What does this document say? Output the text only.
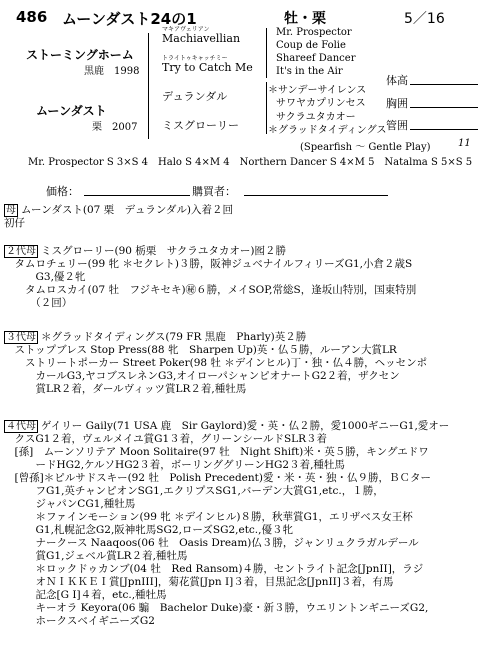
486 ムーンダスト24の1	牡・栗	5／16
ストーミングホーム
黒鹿　1998
ムーンダスト
栗　2007
マキアヴェリアン
Machiavellian
トライトゥキャッチミー
Try to Catch Me
デュランダル
ミスグローリー
Mr. Prospector
Coup de Folie
Shareef Dancer
It's in the Air
＊サンデーサイレンス
サワヤカプリンセス
サクラユタカオー
＊グラッドタイディングス
体高
胸囲
管囲
(Spearfish ～ Gentle Play)	11
Mr. Prospector S 3×S 4　Halo S 4×M 4　Northern Dancer S 4×M 5　Natalma S 5×S 5
価格：	購買者：

母 ムーンダスト(07 栗　デュランダル)入着２回

初仔

２代母 ミスグローリー(90 栃栗　サクラユタカオー)囮２勝

　タムロチェリー(99 牝 ＊セクレト)３勝，阪神ジュベナイルフィリーズG1,小倉２歳S

　　　G3,優２牝

　　タムロスカイ(07 牡　フジキセキ)㊙６勝，メイSOP,常総S，逢坂山特別，国東特別

　　　（２回）

３代母 ＊グラッドタイディングス(79 FR 黒鹿　Pharly)英２勝

　ストップブレス Stop Press(88 牝　Sharpen Up)英・仏５勝，ルーアン大賞LR

　　ストリートポーカー Street Poker(98 牡 ＊デインヒル)丁・独・仏４勝，ヘッセンポ

　　　カールG3,ヤコブスレネンG3,オイローパシャンピオナートG2２着，ザクセン

　　　賞LR２着，ダールヴィッツ賞LR２着,種牡馬

４代母 ゲイリー Gaily(71 USA 鹿　Sir Gaylord)愛・英・仏２勝，愛1000ギニーG1,愛オー

　クスG1２着，ヴェルメイユ賞G1３着，グリーンシールドSLR３着

　[孫]　ムーンソリテア Moon Solitaire(97 牡　Night Shift)米・英５勝，キングエドワ

　　　ードHG2,ケルソHG2３着，ボーリンググリーンHG2３着,種牡馬

　[曾孫]＊ピルサドスキー(92 牡　Polish Precedent)愛・米・英・独・仏９勝，ＢＣター

　　　フG1,英チャンピオンSG1,エクリプスSG1,バーデン大賞G1,etc.，１勝，

　　　ジャパンCG1,種牡馬

　　　＊ファインモーション(99 牝 ＊デインヒル)８勝，秋華賞G1，エリザベス女王杯

　　　G1,札幌記念G2,阪神牝馬SG2,ローズSG2,etc.,優３牝

　　　ナークース Naaqoos(06 牡　Oasis Dream)仏３勝，ジャンリュクラガルデール

　　　賞G1,ジェベル賞LR２着,種牡馬

　　　＊ロックドゥカンブ(04 牡　Red Ransom)４勝，セントライト記念[JpnII]，ラジ

　　　オＮＩＫＫＥＩ賞[JpnIII]，菊花賞[Jpn I]３着，目黒記念[JpnII]３着，有馬

　　　記念[G I]４着，etc.,種牡馬

　　　キーオラ Keyora(06 騸　Bachelor Duke)豪・新３勝，ウエリントンギニーズG2,

　　　ホークスベイギニーズG2
